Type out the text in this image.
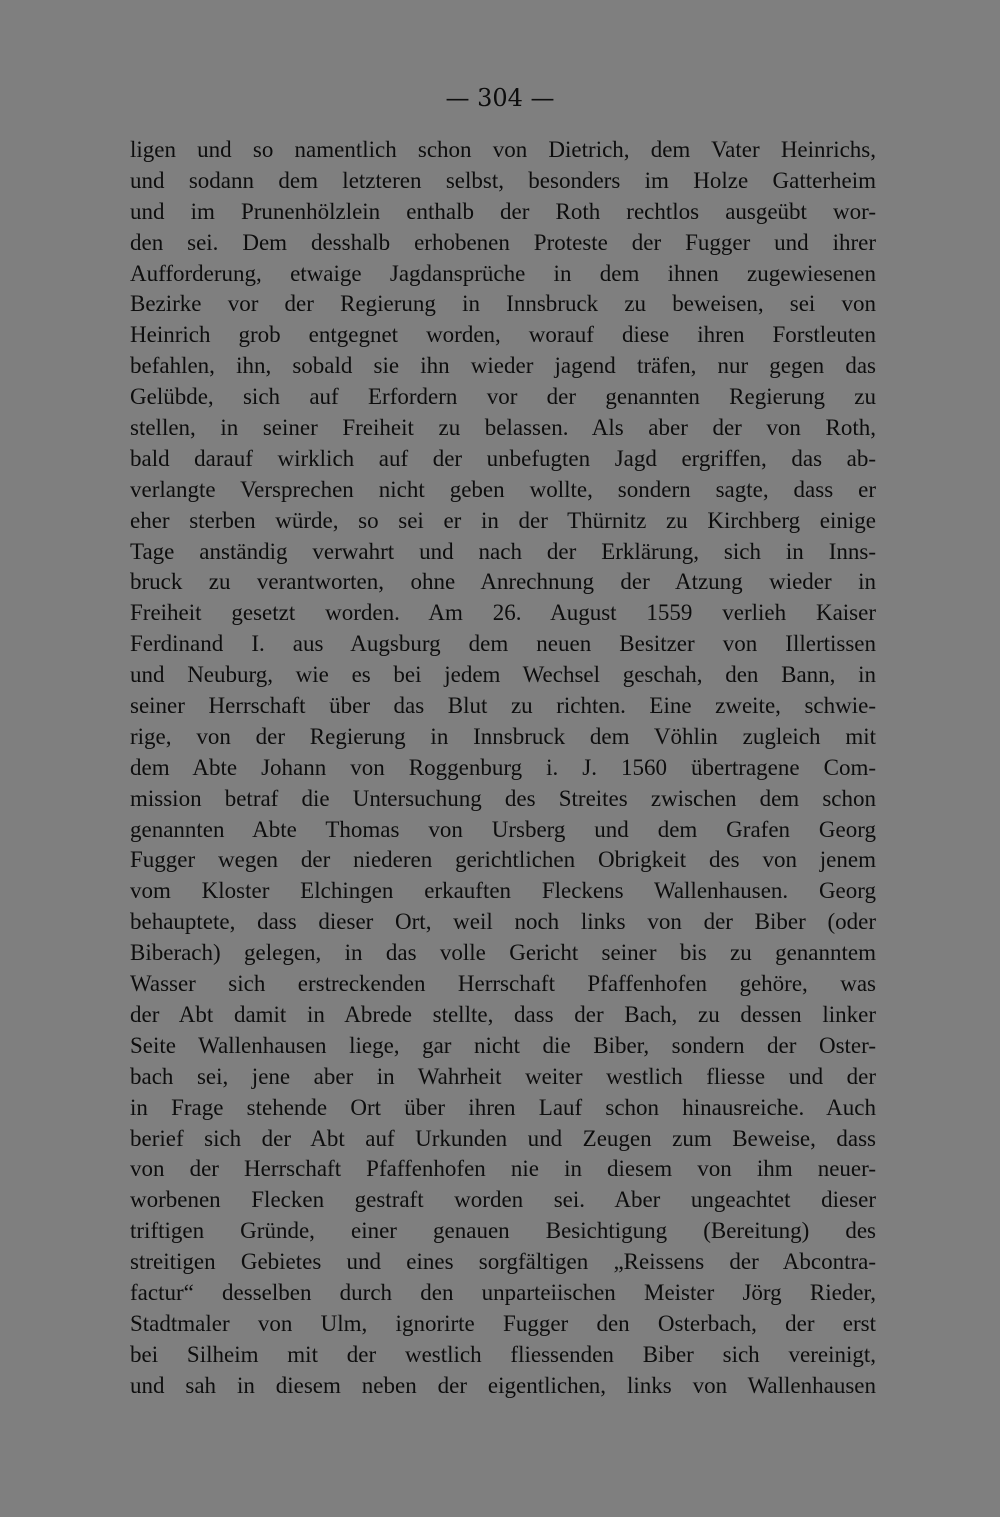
— 304 —
ligen und so namentlich schon von Dietrich, dem Vater Heinrichs,
und sodann dem letzteren selbst, besonders im Holze Gatterheim
und im Prunenhölzlein enthalb der Roth rechtlos ausgeübt wor-
den sei. Dem desshalb erhobenen Proteste der Fugger und ihrer
Aufforderung, etwaige Jagdansprüche in dem ihnen zugewiesenen
Bezirke vor der Regierung in Innsbruck zu beweisen, sei von
Heinrich grob entgegnet worden, worauf diese ihren Forstleuten
befahlen, ihn, sobald sie ihn wieder jagend träfen, nur gegen das
Gelübde, sich auf Erfordern vor der genannten Regierung zu
stellen, in seiner Freiheit zu belassen. Als aber der von Roth,
bald darauf wirklich auf der unbefugten Jagd ergriffen, das ab-
verlangte Versprechen nicht geben wollte, sondern sagte, dass er
eher sterben würde, so sei er in der Thürnitz zu Kirchberg einige
Tage anständig verwahrt und nach der Erklärung, sich in Inns-
bruck zu verantworten, ohne Anrechnung der Atzung wieder in
Freiheit gesetzt worden. Am 26. August 1559 verlieh Kaiser
Ferdinand I. aus Augsburg dem neuen Besitzer von Illertissen
und Neuburg, wie es bei jedem Wechsel geschah, den Bann, in
seiner Herrschaft über das Blut zu richten. Eine zweite, schwie-
rige, von der Regierung in Innsbruck dem Vöhlin zugleich mit
dem Abte Johann von Roggenburg i. J. 1560 übertragene Com-
mission betraf die Untersuchung des Streites zwischen dem schon
genannten Abte Thomas von Ursberg und dem Grafen Georg
Fugger wegen der niederen gerichtlichen Obrigkeit des von jenem
vom Kloster Elchingen erkauften Fleckens Wallenhausen. Georg
behauptete, dass dieser Ort, weil noch links von der Biber (oder
Biberach) gelegen, in das volle Gericht seiner bis zu genanntem
Wasser sich erstreckenden Herrschaft Pfaffenhofen gehöre, was
der Abt damit in Abrede stellte, dass der Bach, zu dessen linker
Seite Wallenhausen liege, gar nicht die Biber, sondern der Oster-
bach sei, jene aber in Wahrheit weiter westlich fliesse und der
in Frage stehende Ort über ihren Lauf schon hinausreiche. Auch
berief sich der Abt auf Urkunden und Zeugen zum Beweise, dass
von der Herrschaft Pfaffenhofen nie in diesem von ihm neuer-
worbenen Flecken gestraft worden sei. Aber ungeachtet dieser
triftigen Gründe, einer genauen Besichtigung (Bereitung) des
streitigen Gebietes und eines sorgfältigen „Reissens der Abcontra-
factur“ desselben durch den unparteiischen Meister Jörg Rieder,
Stadtmaler von Ulm, ignorirte Fugger den Osterbach, der erst
bei Silheim mit der westlich fliessenden Biber sich vereinigt,
und sah in diesem neben der eigentlichen, links von Wallenhausen
